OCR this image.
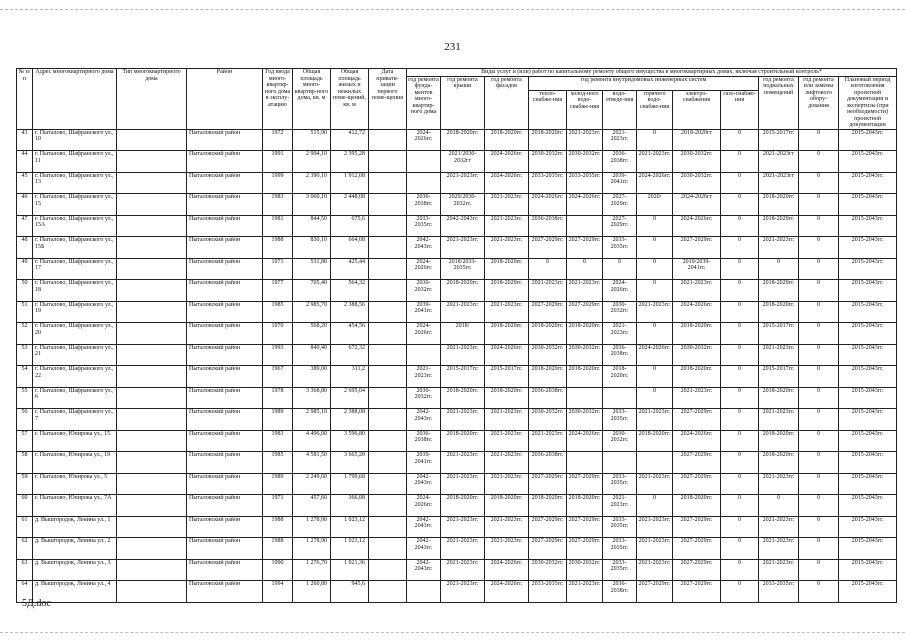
231
№ п/п	Адрес многоквартирного дома	Тип многоквартирного дома	Район	Год ввода много-квартир-ного дома в эксплу-атацию	Общая площадь много-квартир-ного дома, кв. м	Общая площадь жилых и нежилых поме-щений, кв. м	Дата привати-зации первого поме-щения	Виды услуг и (или) работ по капитальному ремонту общего имущества в многоквартирных домах, включая строительный контроль*											
								год ремонта фунда-ментов много-квартир-ного дома	год ремонта крыши	год ремонта фасадов	год ремонта внутридомовых инженерных систем						год ремонта подвальных помещений	год ремонта или замены лифтового обору-дования	Плановый период изготовления проектной документации и экспертизы (при необходимости) проектной документации
											тепло-снабже-ния	холод-ного водо-снабже-ния	водо-отведе-ния	горячего водо-снабже-ния	электро-снабжения	газо-снабже-ния			
43	г. Пыталово, Шафранского ул., 10		Пыталовский район	1972	515,90	412,72		2024-2026гг.	2018-2020гг.	2018-2020гг.	2018-2020гг.	2021-2023гг.	2021-2023гг.	0	2018-2020гг	0	2015-2017гг.	0	2015-2043гг.
44	г. Пыталово, Шафранского ул., 11		Пыталовский район	1991	2 994,10	2 395,28			2021/2030-2032гг	2024-2026гг.	2030-2032гг.	2030-2032гг.	2036-2038гг.	2021-2023гг.	2030-2032гг.	0	2021-2023гг	0	2015-2043гг.
45	г. Пыталово, Шафранского ул., 13		Пыталовский район	1999	2 390,10	1 912,08			2021-2023гг.	2024-2026гг.	2033-2035гг.	2033-2035гг.	2039-2041гг.	2024-2026гг.	2030-2032гг.	0	2021-2023гг	0	2015-2043гг.
46	г. Пыталово, Шафранского ул., 15		Пыталовский район	1983	3 060,10	2 448,08		2036-2038гг.	2020/2030-2032гг.	2021-2023гг.	2024-2026гг.	2024-2026гг.	2027-2029гг.	2020/	2024-2026гг	0	2018-2020гг.	0	2015-2043гг.
47	г. Пыталово, Шафранского ул., 15А		Пыталовский район	1981	844,50	675,6		2033-2035гг.	2042-2043гг.	2021-2023гг.	2036-2038гг.		2027-2029гг.	0	2024-2026гг.	0	2018-2020гг.	0	2015-2043гг.
48	г. Пыталово, Шафранского ул., 15Б		Пыталовский район	1988	830,10	664,08		2042-2043гг.	2021-2023гг.	2021-2023гг.	2027-2029гг.	2027-2029гг.	2033-2035гг.	0	2027-2029гг.	0	2021-2023гг.	0	2015-2043гг.
49	г. Пыталово, Шафранского ул., 17		Пыталовский район	1971	531,80	425,44		2024-2026гг.	2018/2033-2035гг.	2018-2020гг.	0	0	0	0	2019/2039-2041гг.	0	0	0	2015-2043гг.
50	г. Пыталово, Шафранского ул., 18		Пыталовский район	1977	705,40	564,32		2030-2032гг.	2018-2020гг.	2018-2020гг.	2021-2023гг.	2021-2023гг.	2024-2026гг.	0	2021-2023гг.	0	2018-2020гг.	0	2015-2043гг.
51	г. Пыталово, Шафранского ул., 19		Пыталовский район	1985	2 985,70	2 388,56		2039-2041гг.	2021-2023гг.	2021-2023гг.	2027-2029гг.	2027-2029гг.	2030-2032гг.	2021-2023гг.	2024-2026гг.	0	2018-2020гг.	0	2015-2043гг.
52	г. Пыталово, Шафранского ул., 20		Пыталовский район	1970	568,20	454,56		2024-2026гг.	2018/	2018-2020гг.	2018-2020гг.	2018-2020гг.	2021-2023гг.	0	2018-2020гг.	0	2015-2017гг.	0	2015-2043гг.
53	г. Пыталово, Шафранского ул., 21		Пыталовский район	1993	840,40	672,32			2021-2023гг.	2024-2026гг.	2030-2032гг.	2030-2032гг.	2036-2038гг.	2024-2026гг.	2030-2032гг.	0	2021-2023гг.	0	2015-2043гг.
54	г. Пыталово, Шафранского ул., 22		Пыталовский район	1967	389,00	311,2		2021-2023гг.	2015-2017гг.	2015-2017гг.	2018-2020гг.	2018-2020гг.	2018-2020гг.	0	2018-2020гг.	0	2015-2017гг.	0	2015-2043гг.
55	г. Пыталово, Шафранского ул., 6		Пыталовский район	1978	3 368,80	2 695,04		2030-2032гг.	2018-2020гг.	2018-2020гг.	2036-2038гг.			0	2021-2023гг.	0	2018-2020гг.	0	2015-2043гг.
56	г. Пыталово, Шафранского ул., 7		Пыталовский район	1989	2 985,10	2 388,08		2042-2043гг.	2021-2023гг.	2021-2023гг.	2030-2032гг.	2030-2032гг.	2033-2035гг.	2021-2023гг.	2027-2029гг.	0	2021-2023гг.	0	2015-2043гг.
57	г. Пыталово, Юнирова ул., 15		Пыталовский район	1983	4 496,00	3 596,80		2036-2038гг.	2018-2020гг.	2021-2023гг.	2021-2023гг.	2024-2026гг.	2030-2032гг.	2018-2020гг.	2024-2026гг.	0	2018-2020гг.	0	2015-2043гг.
58	г. Пыталово, Юнирова ул., 19		Пыталовский район	1985	4 581,50	3 665,20		2039-2041гг.	2021-2023гг.	2021-2023гг.	2036-2038гг.				2027-2029гг.	0	2018-2020гг.	0	2015-2043гг.
59	г. Пыталово, Юнирова ул., 5		Пыталовский район	1989	2 249,60	1 799,68		2042-2043гг.	2021-2023гг.	2021-2023гг.	2027-2029гг.	2027-2029гг.	2033-2035гг.	2021-2023гг.	2027-2029гг.	0	2021-2023гг.	0	2015-2043гг.
60	г. Пыталово, Юнирова ул., 7А		Пыталовский район	1971	457,60	366,08		2024-2026гг.	2018-2020гг.	2018-2020гг.	2018-2020гг.	2018-2020гг.	2021-2023гг.	0	2018-2020гг.	0	0	0	2015-2043гг.
61	д. Вышгородок, Ленина ул., 1		Пыталовский район	1988	1 278,90	1 023,12		2042-2043гг.	2021-2023гг.	2021-2023гг.	2027-2029гг.	2027-2029гг.	2033-2035гг.	2021-2023гг.	2027-2029гг.	0	2021-2023гг.	0	2015-2043гг.
62	д. Вышгородок, Ленина ул., 2		Пыталовский район	1988	1 278,90	1 023,12		2042-2043гг.	2021-2023гг.	2021-2023гг.	2027-2029гг.	2027-2029гг.	2033-2035гг.	2021-2023гг.	2027-2029гг.	0	2021-2023гг.	0	2015-2043гг.
63	д. Вышгородок, Ленина ул., 3		Пыталовский район	1990	1 276,70	1 021,36		2042-2043гг.	2021-2023гг.	2024-2026гг.	2030-2032гг.	2030-2032гг.	2033-2035гг.	2021-2023гг.	2027-2029гг.	0	2021-2023гг.	0	2015-2043гг.
64	д. Вышгородок, Ленина ул., 4		Пыталовский район	1994	1 260,80	945,6			2021-2023гг.	2024-2026гг.	2033-2035гг.	2021-2023гг.	2036-2038гг.	2027-2029гг.	2027-2029гг.	0	2033-2035гг.	0	2015-2043гг.
5Д.doc
